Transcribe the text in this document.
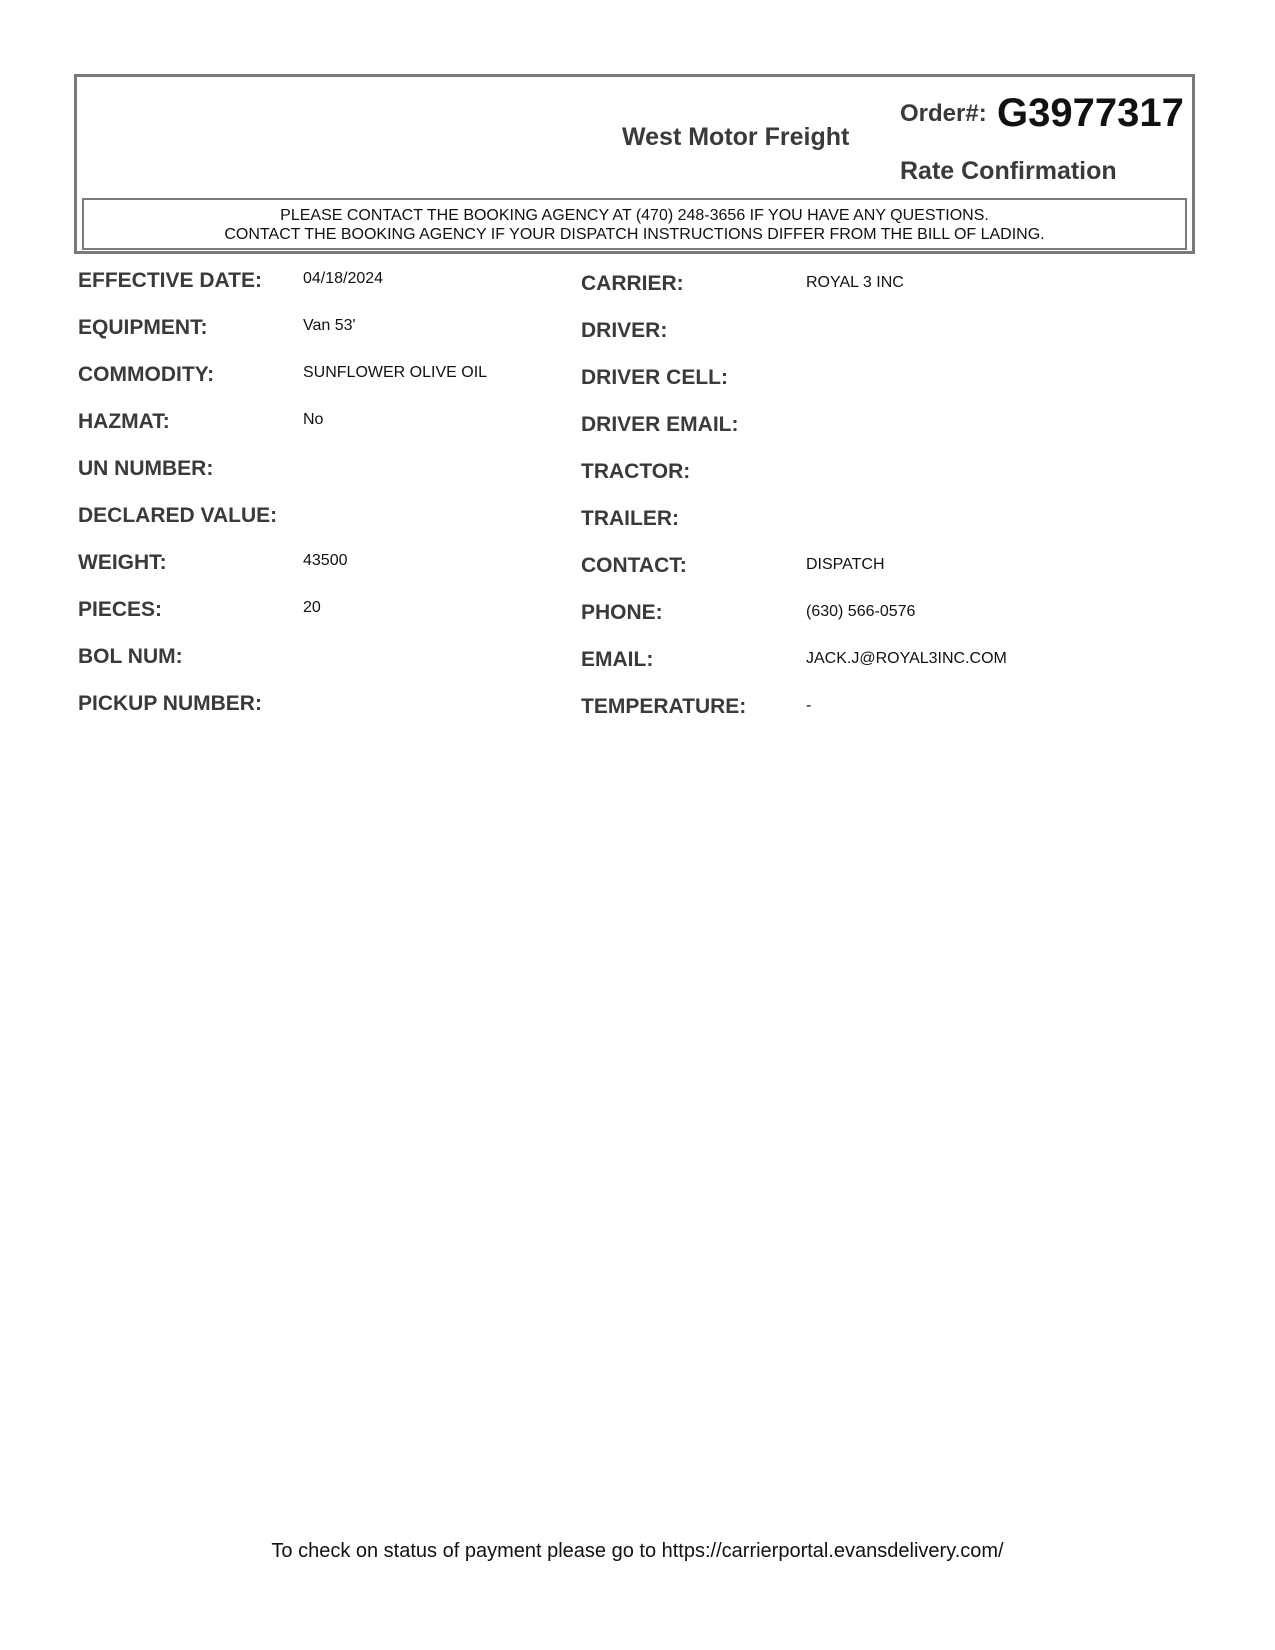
West Motor Freight
Order#: G3977317
Rate Confirmation
PLEASE CONTACT THE BOOKING AGENCY AT (470) 248-3656 IF YOU HAVE ANY QUESTIONS.
CONTACT THE BOOKING AGENCY IF YOUR DISPATCH INSTRUCTIONS DIFFER FROM THE BILL OF LADING.
EFFECTIVE DATE:	04/18/2024
EQUIPMENT:	Van 53'
COMMODITY:	SUNFLOWER OLIVE OIL
HAZMAT:	No
UN NUMBER:
DECLARED VALUE:
WEIGHT:	43500
PIECES:	20
BOL NUM:
PICKUP NUMBER:
CARRIER:	ROYAL 3 INC
DRIVER:
DRIVER CELL:
DRIVER EMAIL:
TRACTOR:
TRAILER:
CONTACT:	DISPATCH
PHONE:	(630) 566-0576
EMAIL:	JACK.J@ROYAL3INC.COM
TEMPERATURE:	-
To check on status of payment please go to https://carrierportal.evansdelivery.com/
